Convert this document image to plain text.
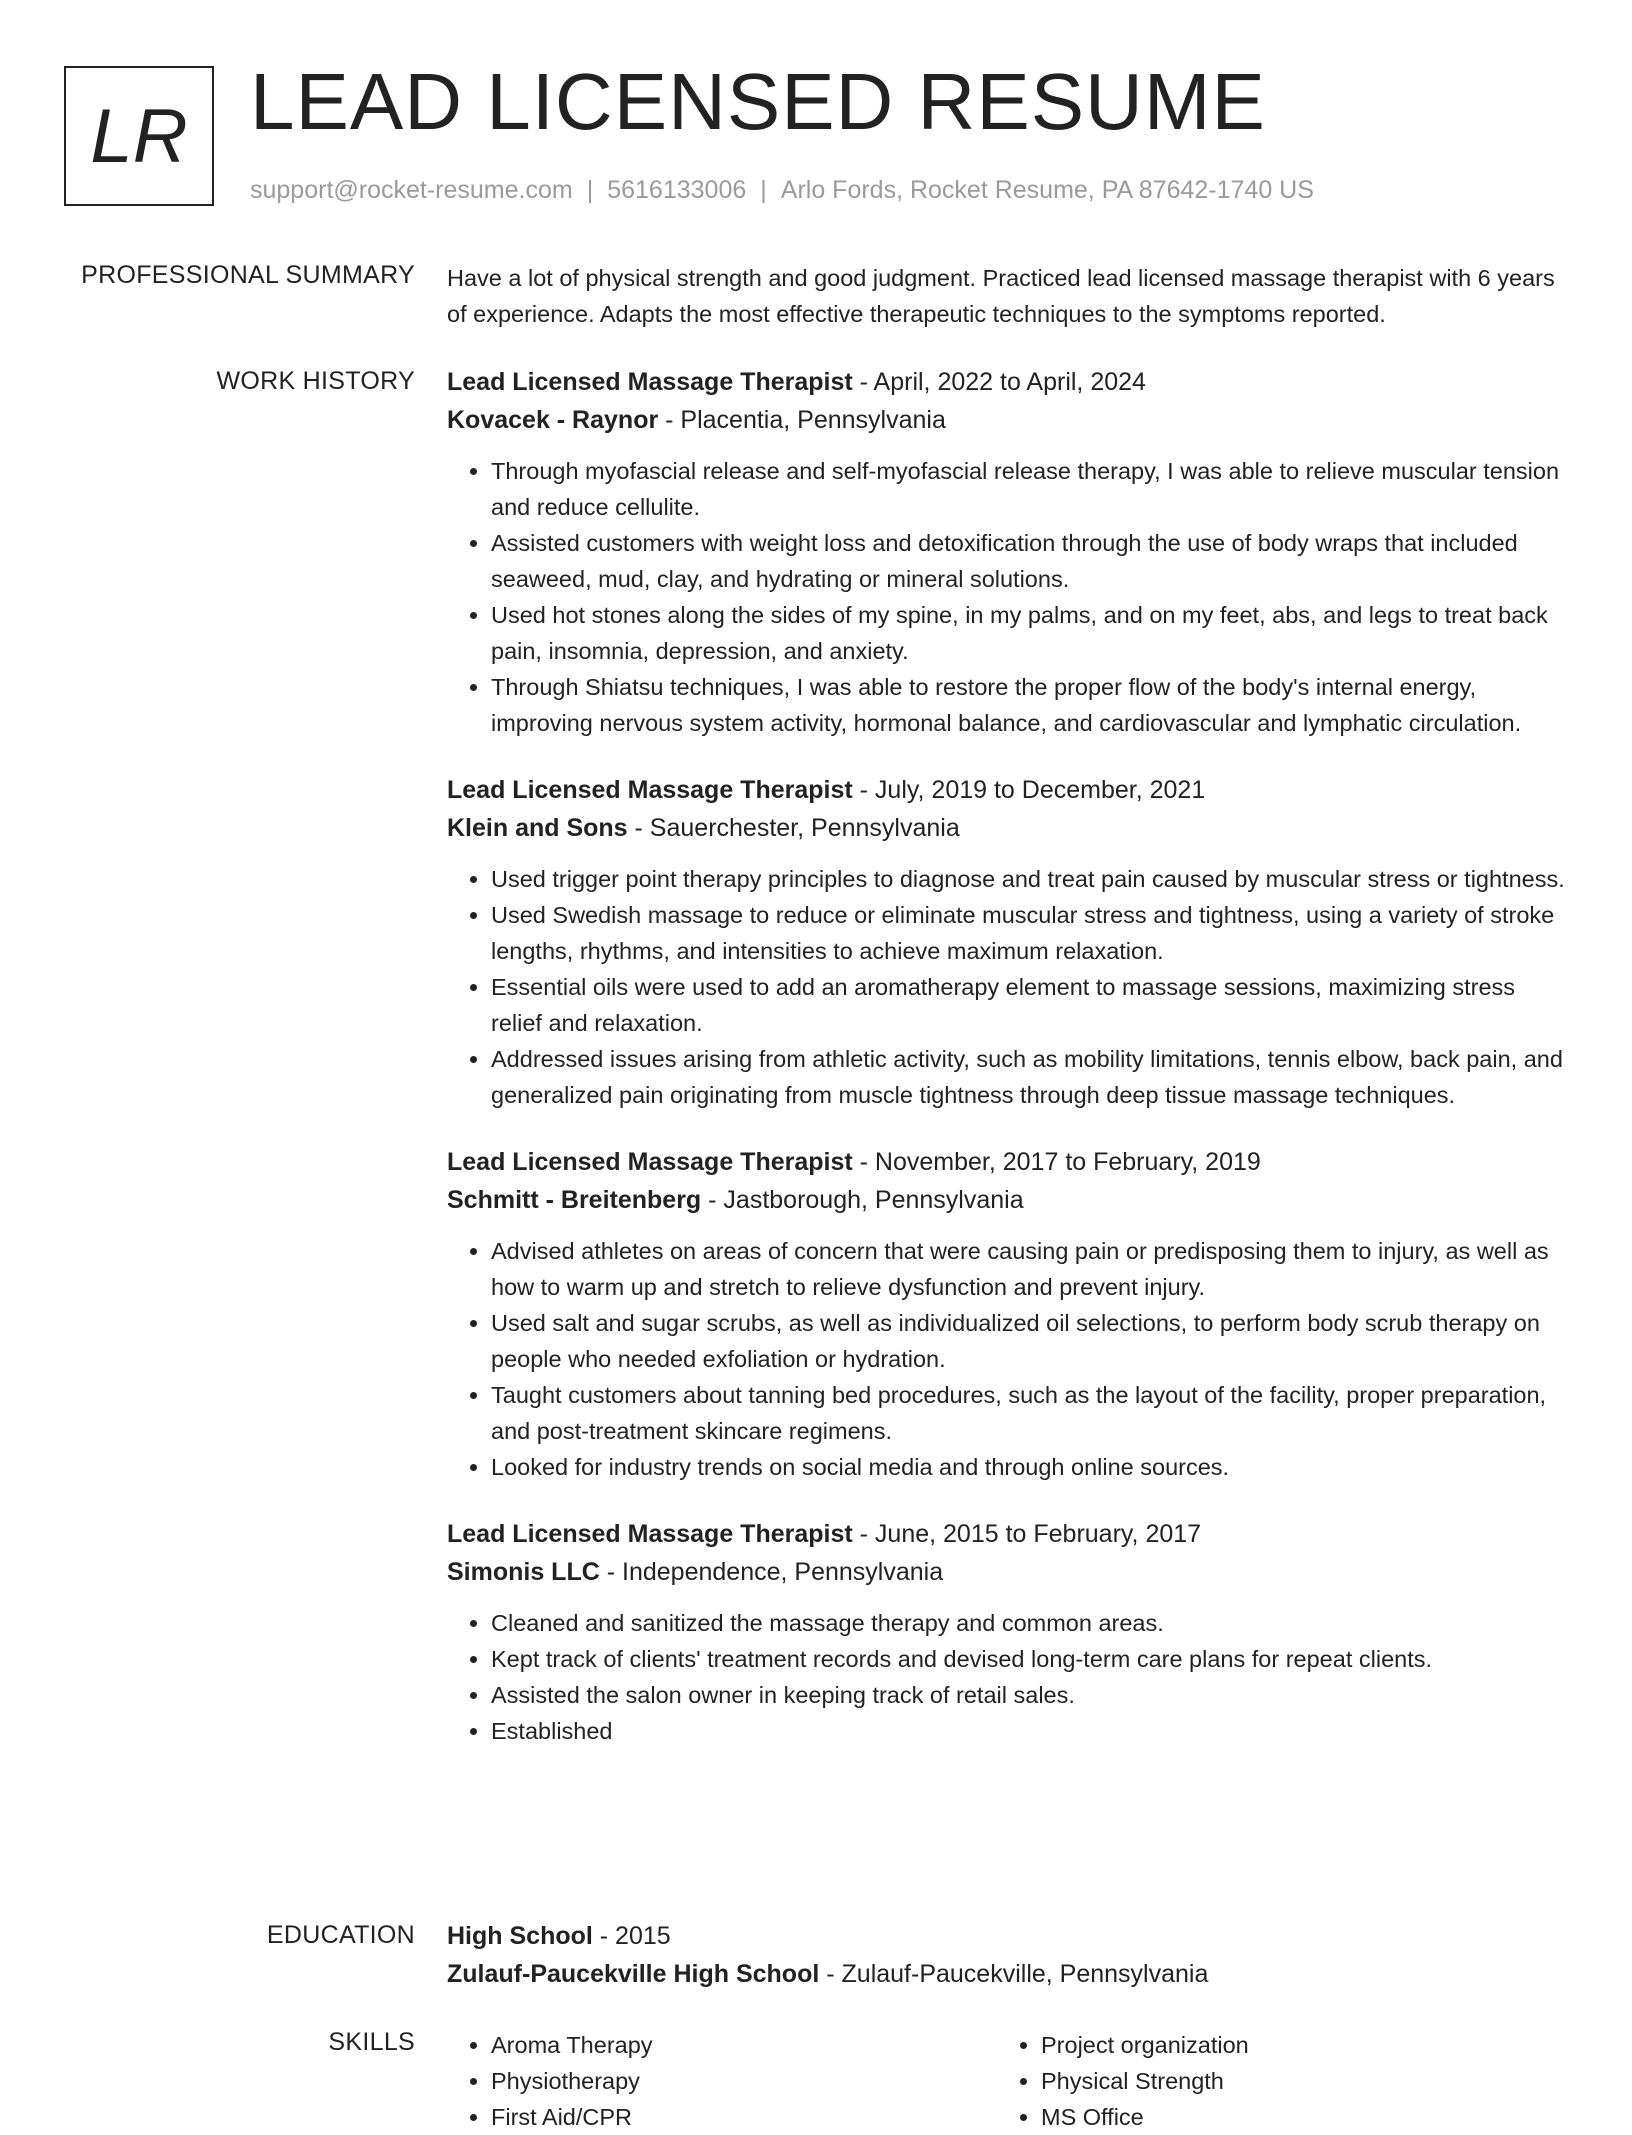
LR LEAD LICENSED RESUME
support@rocket-resume.com | 5616133006 | Arlo Fords, Rocket Resume, PA 87642-1740 US
PROFESSIONAL SUMMARY Have a lot of physical strength and good judgment. Practiced lead licensed massage therapist with 6 years of experience. Adapts the most effective therapeutic techniques to the symptoms reported.
WORK HISTORY Lead Licensed Massage Therapist - April, 2022 to April, 2024
Kovacek - Raynor - Placentia, Pennsylvania
• Through myofascial release and self-myofascial release therapy, I was able to relieve muscular tension and reduce cellulite.
• Assisted customers with weight loss and detoxification through the use of body wraps that included seaweed, mud, clay, and hydrating or mineral solutions.
• Used hot stones along the sides of my spine, in my palms, and on my feet, abs, and legs to treat back pain, insomnia, depression, and anxiety.
• Through Shiatsu techniques, I was able to restore the proper flow of the body's internal energy, improving nervous system activity, hormonal balance, and cardiovascular and lymphatic circulation.
Lead Licensed Massage Therapist - July, 2019 to December, 2021
Klein and Sons - Sauerchester, Pennsylvania
• Used trigger point therapy principles to diagnose and treat pain caused by muscular stress or tightness.
• Used Swedish massage to reduce or eliminate muscular stress and tightness, using a variety of stroke lengths, rhythms, and intensities to achieve maximum relaxation.
• Essential oils were used to add an aromatherapy element to massage sessions, maximizing stress relief and relaxation.
• Addressed issues arising from athletic activity, such as mobility limitations, tennis elbow, back pain, and generalized pain originating from muscle tightness through deep tissue massage techniques.
Lead Licensed Massage Therapist - November, 2017 to February, 2019
Schmitt - Breitenberg - Jastborough, Pennsylvania
• Advised athletes on areas of concern that were causing pain or predisposing them to injury, as well as how to warm up and stretch to relieve dysfunction and prevent injury.
• Used salt and sugar scrubs, as well as individualized oil selections, to perform body scrub therapy on people who needed exfoliation or hydration.
• Taught customers about tanning bed procedures, such as the layout of the facility, proper preparation, and post-treatment skincare regimens.
• Looked for industry trends on social media and through online sources.
Lead Licensed Massage Therapist - June, 2015 to February, 2017
Simonis LLC - Independence, Pennsylvania
• Cleaned and sanitized the massage therapy and common areas.
• Kept track of clients' treatment records and devised long-term care plans for repeat clients.
• Assisted the salon owner in keeping track of retail sales.
• Established
EDUCATION High School - 2015
Zulauf-Paucekville High School - Zulauf-Paucekville, Pennsylvania
SKILLS
•	Aroma Therapy
• Physiotherapy
• First Aid/CPR
• Project organization
• Physical Strength
• MS Office
